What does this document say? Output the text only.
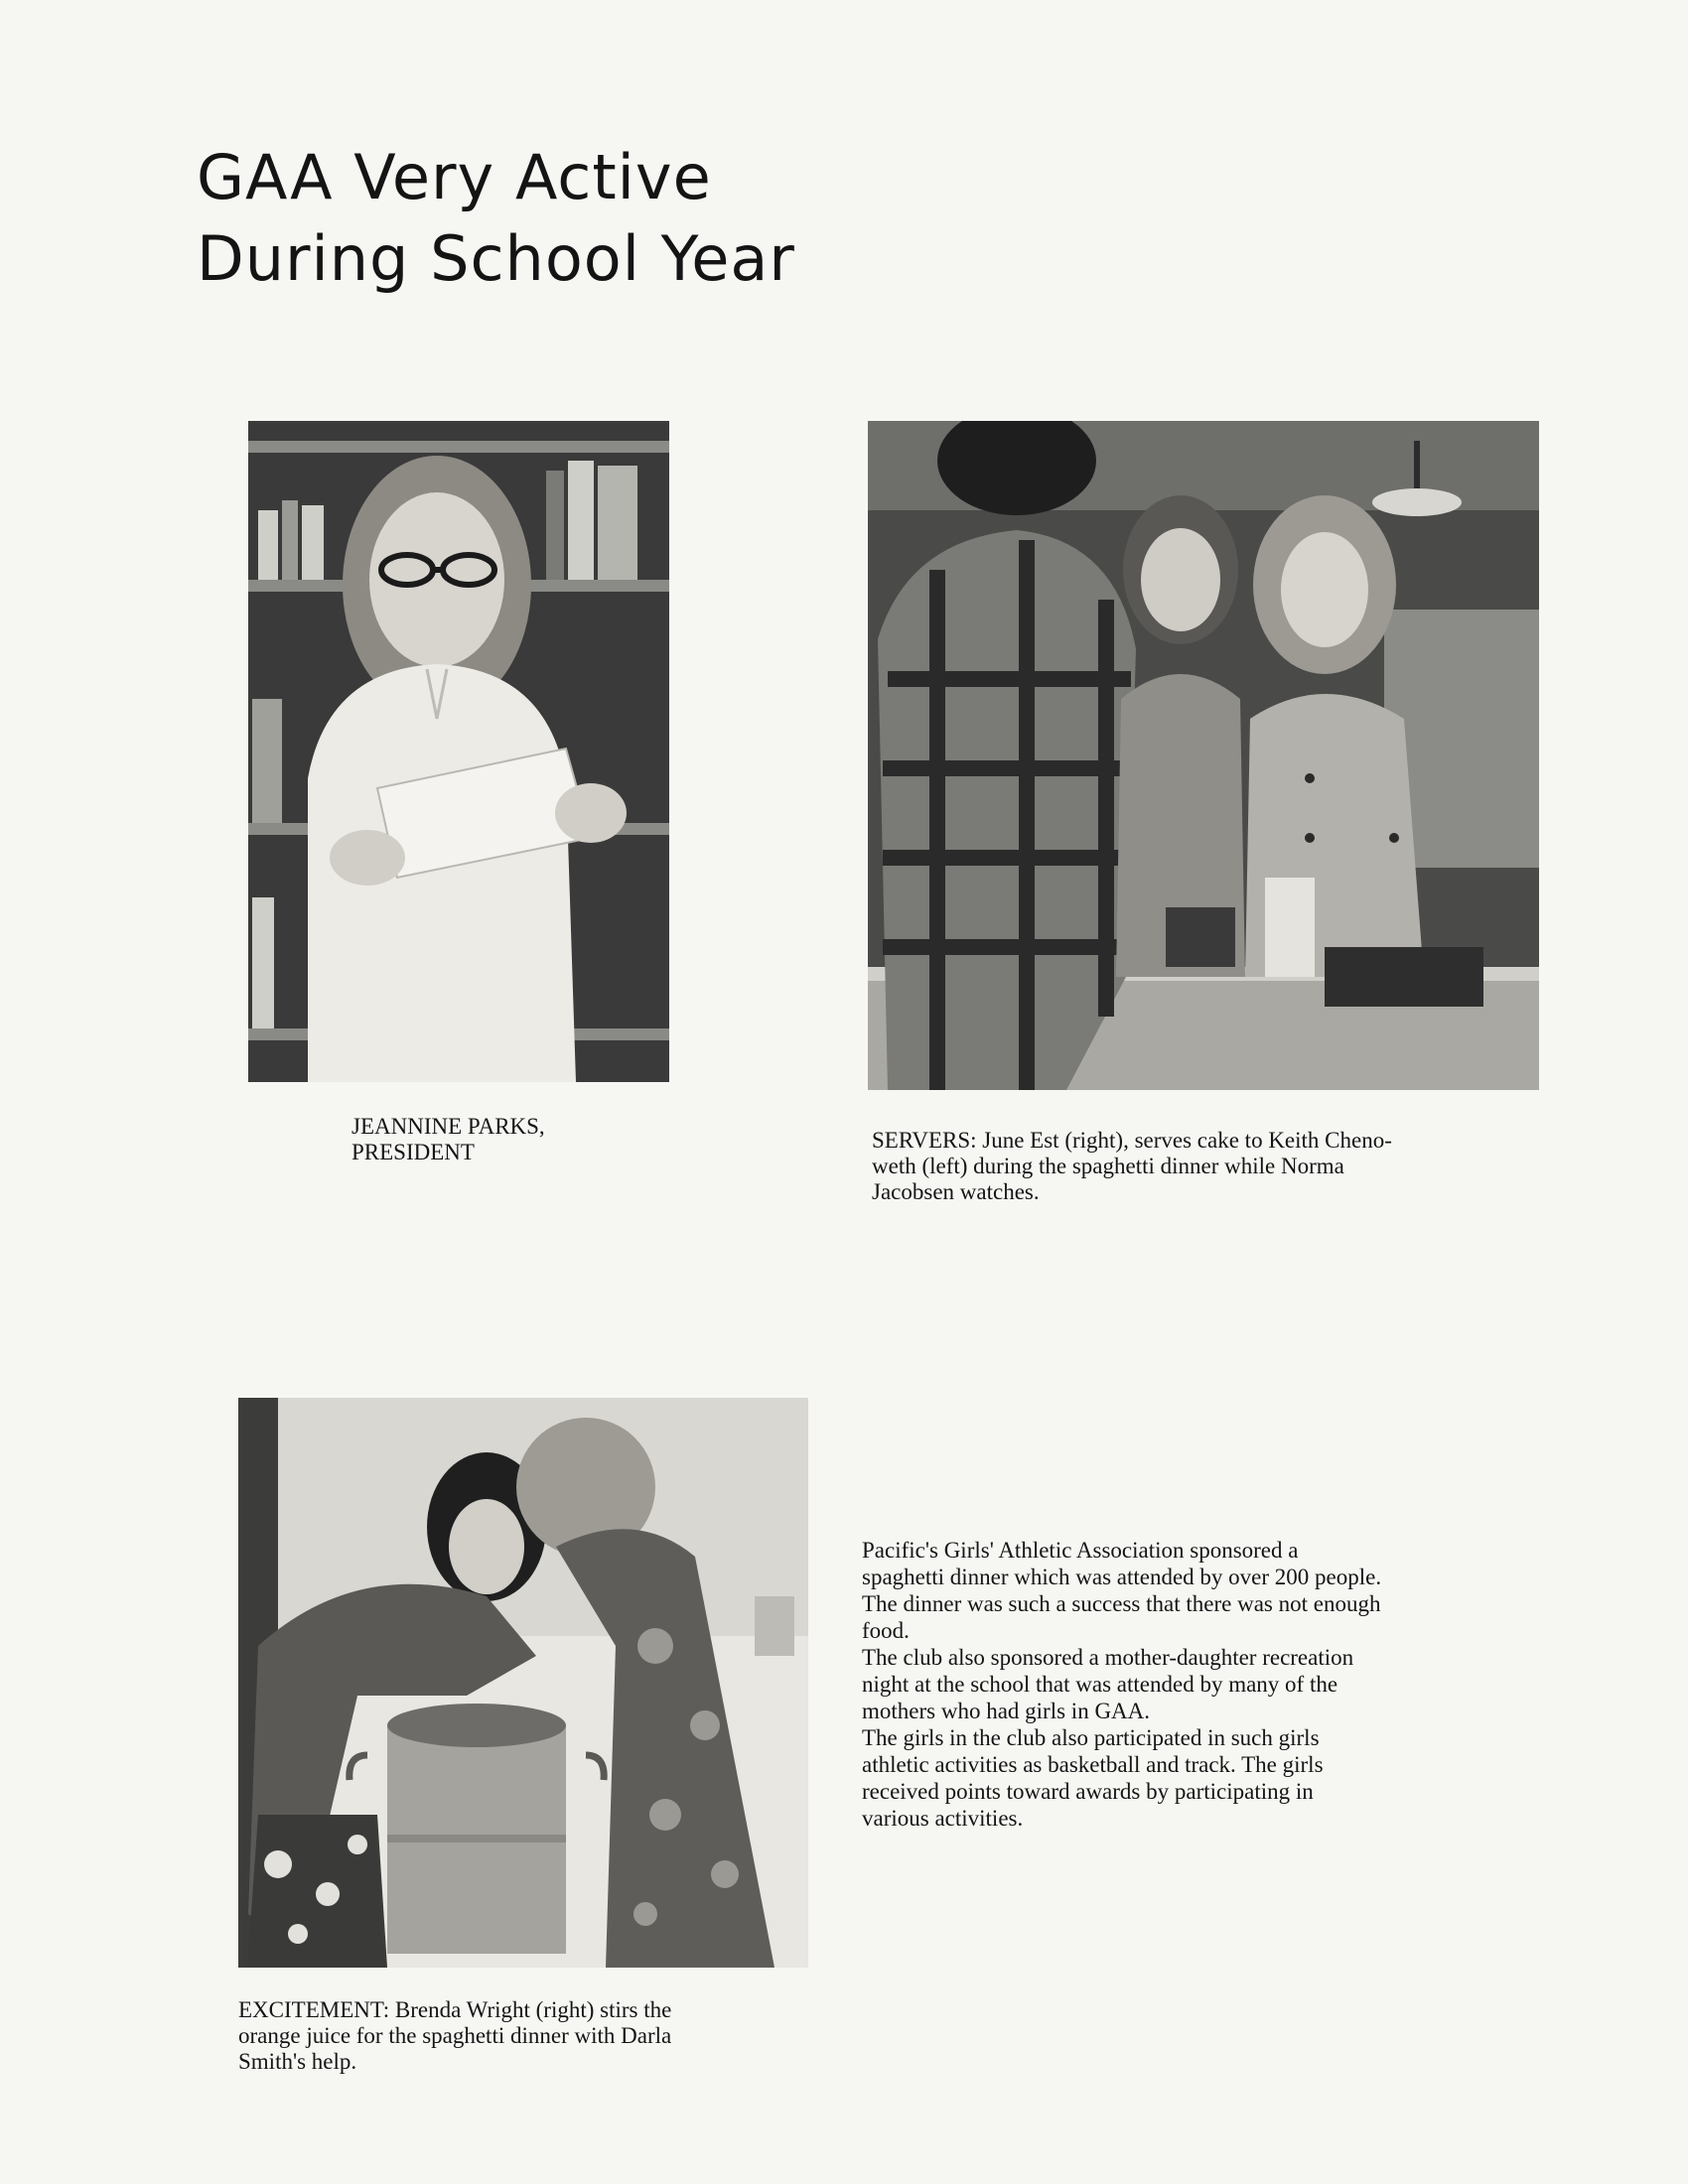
GAA Very Active
During School Year

JEANNINE PARKS,
PRESIDENT	SERVERS: June Est (right), serves cake to Keith Cheno-
weth (left) during the spaghetti dinner while Norma
Jacobsen watches.

EXCITEMENT: Brenda Wright (right) stirs the
orange juice for the spaghetti dinner with Darla
Smith's help.

Pacific's Girls' Athletic Association sponsored a
spaghetti dinner which was attended by over 200 people.
The dinner was such a success that there was not enough
food.
The club also sponsored a mother-daughter recreation
night at the school that was attended by many of the
mothers who had girls in GAA.
The girls in the club also participated in such girls
athletic activities as basketball and track. The girls
received points toward awards by participating in
various activities.
